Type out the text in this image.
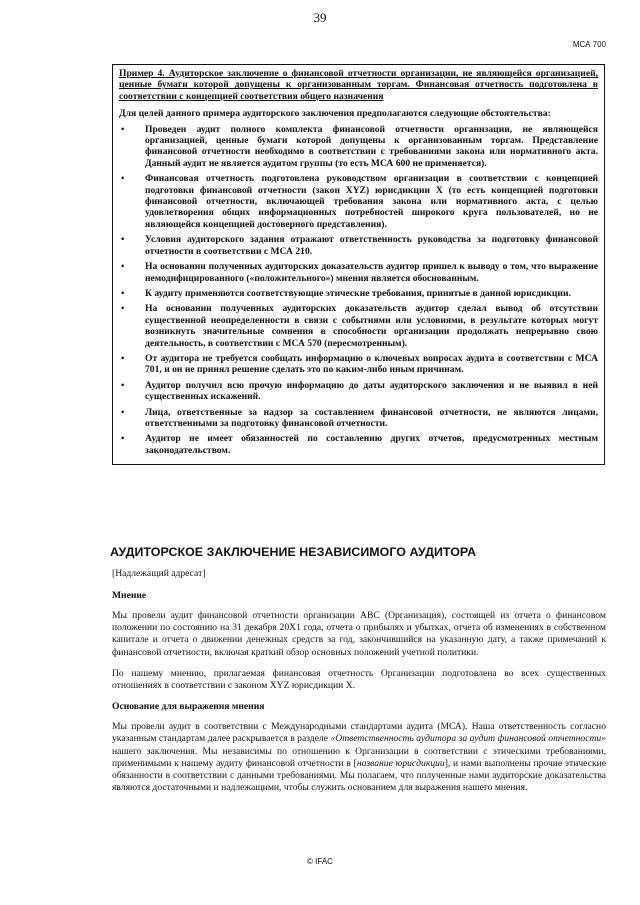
39
МСА 700

Пример 4. Аудиторское заключение о финансовой отчетности организации, не являющейся организацией, ценные бумаги которой допущены к организованным торгам. Финансовая отчетность подготовлена в соответствии с концепцией соответствия общего назначения

Для целей данного примера аудиторского заключения предполагаются следующие обстоятельства:

• Проведен аудит полного комплекта финансовой отчетности организации, не являющейся организацией, ценные бумаги которой допущены к организованным торгам. Представление финансовой отчетности необходимо в соответствии с требованиями закона или нормативного акта. Данный аудит не является аудитом группы (то есть МСА 600 не применяется).
• Финансовая отчетность подготовлена руководством организации в соответствии с концепцией подготовки финансовой отчетности (закон XYZ) юрисдикции X (то есть концепцией подготовки финансовой отчетности, включающей требования закона или нормативного акта, с целью удовлетворения общих информационных потребностей широкого круга пользователей, но не являющейся концепцией достоверного представления).
• Условия аудиторского задания отражают ответственность руководства за подготовку финансовой отчетности в соответствии с МСА 210.
• На основании полученных аудиторских доказательств аудитор пришел к выводу о том, что выражение немодифицированного («положительного») мнения является обоснованным.
• К аудиту применяются соответствующие этические требования, принятые в данной юрисдикции.
• На основании полученных аудиторских доказательств аудитор сделал вывод об отсутствии существенной неопределенности в связи с событиями или условиями, в результате которых могут возникнуть значительные сомнения в способности организации продолжать непрерывно свою деятельность, в соответствии с МСА 570 (пересмотренным).
• От аудитора не требуется сообщать информацию о ключевых вопросах аудита в соответствии с МСА 701, и он не принял решение сделать это по каким-либо иным причинам.
• Аудитор получил всю прочую информацию до даты аудиторского заключения и не выявил в ней существенных искажений.
• Лица, ответственные за надзор за составлением финансовой отчетности, не являются лицами, ответственными за подготовку финансовой отчетности.
• Аудитор не имеет обязанностей по составлению других отчетов, предусмотренных местным законодательством.
АУДИТОРСКОЕ ЗАКЛЮЧЕНИЕ НЕЗАВИСИМОГО АУДИТОРА
[Надлежащий адресат]
Мнение

Мы провели аудит финансовой отчетности организации ABC (Организация), состоящей из отчета о финансовом положении по состоянию на 31 декабря 20X1 года, отчета о прибылях и убытках, отчета об изменениях в собственном капитале и отчета о движении денежных средств за год, закончившийся на указанную дату, а также примечаний к финансовой отчетности, включая краткий обзор основных положений учетной политики.

По нашему мнению, прилагаемая финансовая отчетность Организации подготовлена во всех существенных отношениях в соответствии с законом XYZ юрисдикции X.

Основание для выражения мнения

Мы провели аудит в соответствии с Международными стандартами аудита (МСА). Наша ответственность согласно указанным стандартам далее раскрывается в разделе «Ответственность аудитора за аудит финансовой отчетности» нашего заключения. Мы независимы по отношению к Организации в соответствии с этическими требованиями, применимыми к нашему аудиту финансовой отчетности в [название юрисдикции], и нами выполнены прочие этические обязанности в соответствии с данными требованиями. Мы полагаем, что полученные нами аудиторские доказательства являются достаточными и надлежащими, чтобы служить основанием для выражения нашего мнения.

© IFAC
